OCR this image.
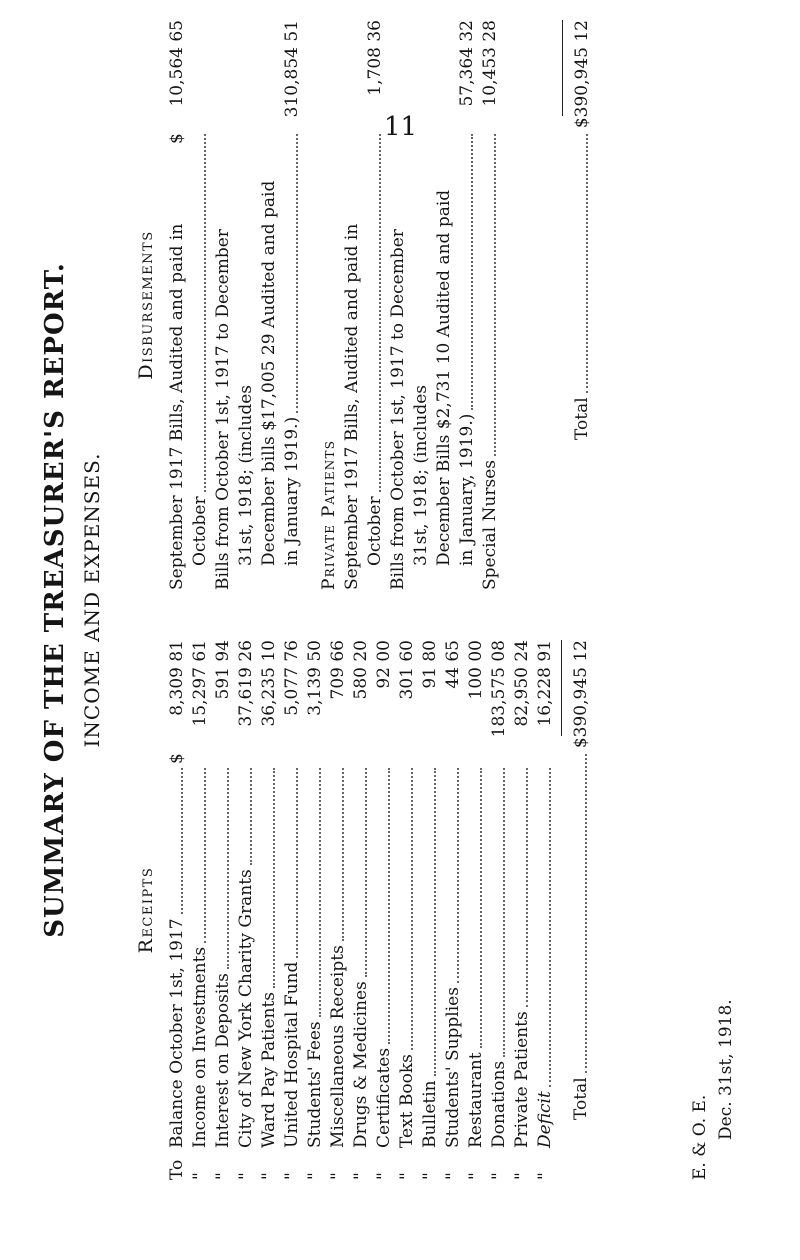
11
SUMMARY OF THE TREASURER'S REPORT. INCOME AND EXPENSES.
Receipts
To
Balance October 1st, 1917
$
8,309 81
"
Income on Investments
15,297 61
"
Interest on Deposits
591 94
"
City of New York Charity Grants
37,619 26
"
Ward Pay Patients
36,235 10
"
United Hospital Fund
5,077 76
"
Students' Fees
3,139 50
"
Miscellaneous Receipts
709 66
"
Drugs & Medicines
580 20
"
Certificates
92 00
"
Text Books
301 60
"
Bulletin
91 80
"
Students' Supplies
44 65
"
Restaurant
100 00
"
Donations
183,575 08
"
Private Patients
82,950 24
"
Deficit
16,228 91
Total
$390,945 12
Disbursements September 1917 Bills, Audited and paid in
$
10,564 65
October Bills from October 1st, 1917 to December 31st, 1918; (includes December bills $17,005 29 Audited and paid in January 1919.)
310,854 51
Private Patients September 1917 Bills, Audited and paid in October
1,708 36
Bills from October 1st, 1917 to December 31st, 1918; (includes December Bills $2,731 10 Audited and paid in January, 1919.)
57,364 32
Special Nurses
10,453 28
Total
$390,945 12
E. & O. E. Dec. 31st, 1918.
